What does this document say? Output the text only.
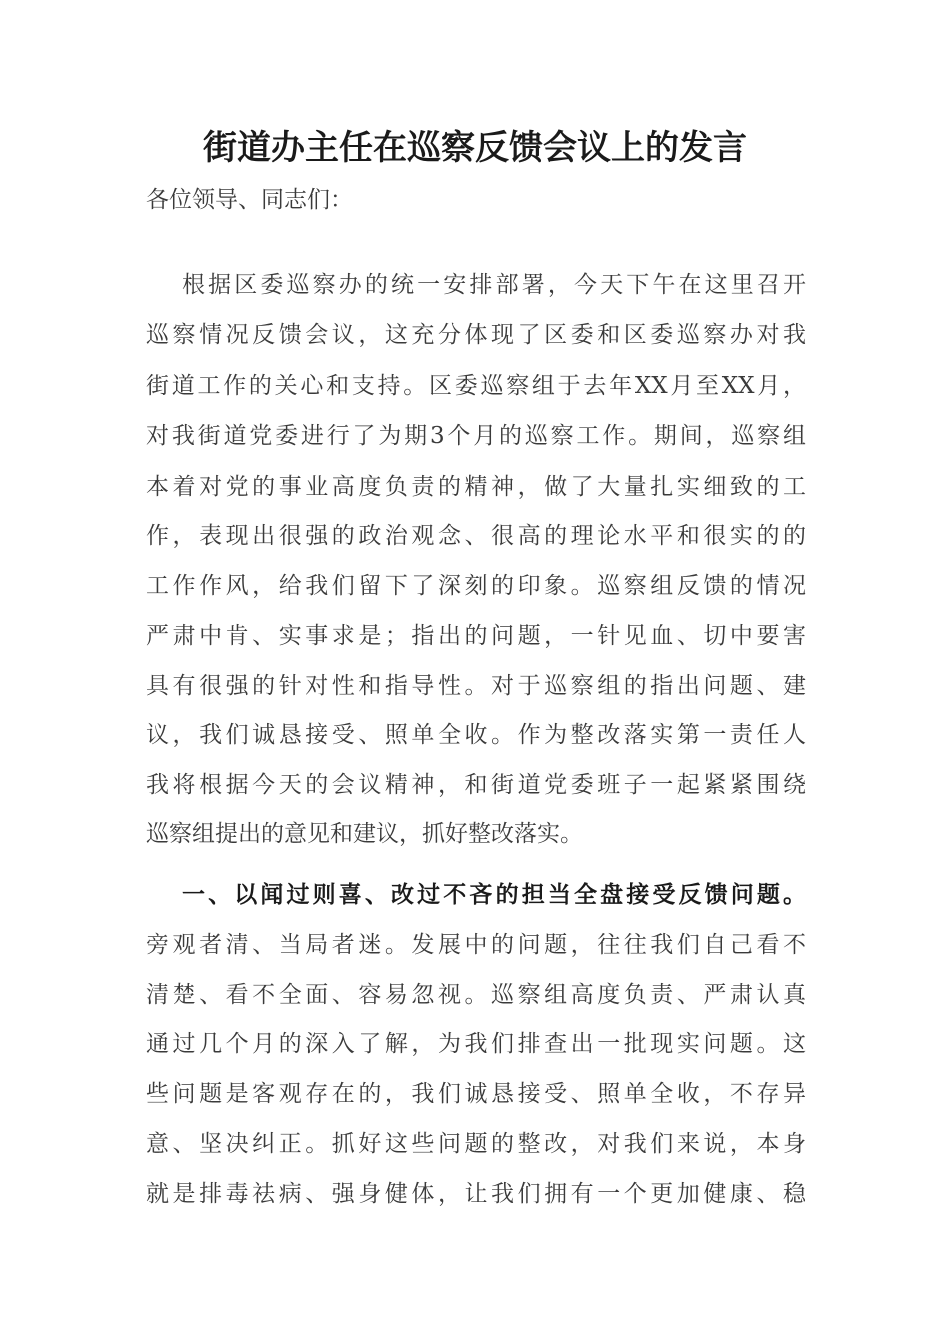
街道办主任在巡察反馈会议上的发言
各位领导、同志们：
根据区委巡察办的统一安排部署，今天下午在这里召开
巡察情况反馈会议，这充分体现了区委和区委巡察办对我
街道工作的关心和支持。区委巡察组于去年XX月至XX月，
对我街道党委进行了为期3个月的巡察工作。期间，巡察组
本着对党的事业高度负责的精神，做了大量扎实细致的工
作，表现出很强的政治观念、很高的理论水平和很实的的
工作作风，给我们留下了深刻的印象。巡察组反馈的情况
严肃中肯、实事求是；指出的问题，一针见血、切中要害
具有很强的针对性和指导性。对于巡察组的指出问题、建
议，我们诚恳接受、照单全收。作为整改落实第一责任人
我将根据今天的会议精神，和街道党委班子一起紧紧围绕
巡察组提出的意见和建议，抓好整改落实。
一、以闻过则喜、改过不吝的担当全盘接受反馈问题。
旁观者清、当局者迷。发展中的问题，往往我们自己看不
清楚、看不全面、容易忽视。巡察组高度负责、严肃认真
通过几个月的深入了解，为我们排查出一批现实问题。这
些问题是客观存在的，我们诚恳接受、照单全收，不存异
意、坚决纠正。抓好这些问题的整改，对我们来说，本身
就是排毒祛病、强身健体，让我们拥有一个更加健康、稳
